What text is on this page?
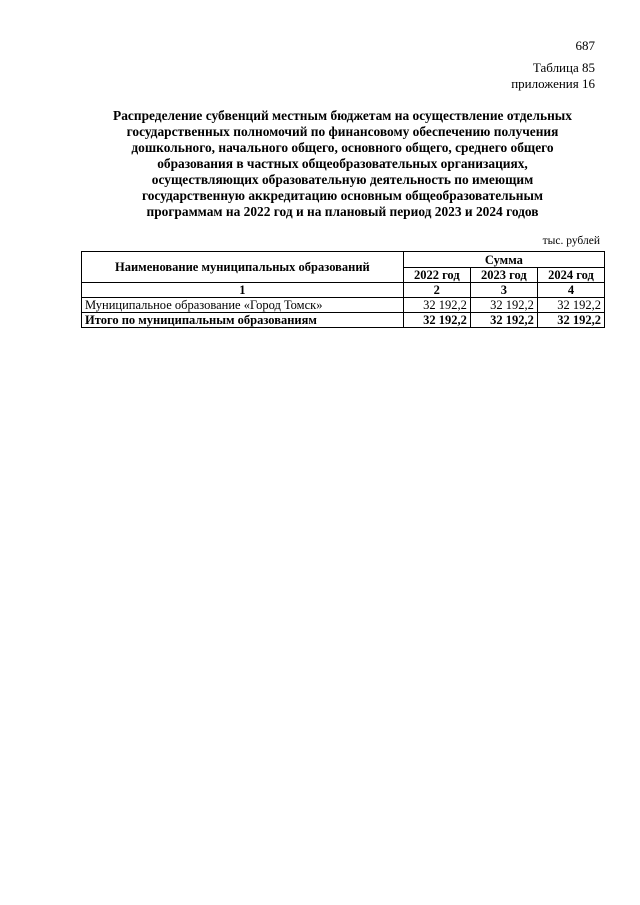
687
Таблица 85
приложения 16
Распределение субвенций местным бюджетам на осуществление отдельных
государственных полномочий по финансовому обеспечению получения
дошкольного, начального общего, основного общего, среднего общего
образования в частных общеобразовательных организациях,
осуществляющих образовательную деятельность по имеющим
государственную аккредитацию основным общеобразовательным
программам на 2022 год и на плановый период 2023 и 2024 годов
тыс. рублей
Наименование муниципальных образований	Сумма		
	2022 год	2023 год	2024 год
1	2	3	4
Муниципальное образование «Город Томск»	32 192,2	32 192,2	32 192,2
Итого по муниципальным образованиям	32 192,2	32 192,2	32 192,2
